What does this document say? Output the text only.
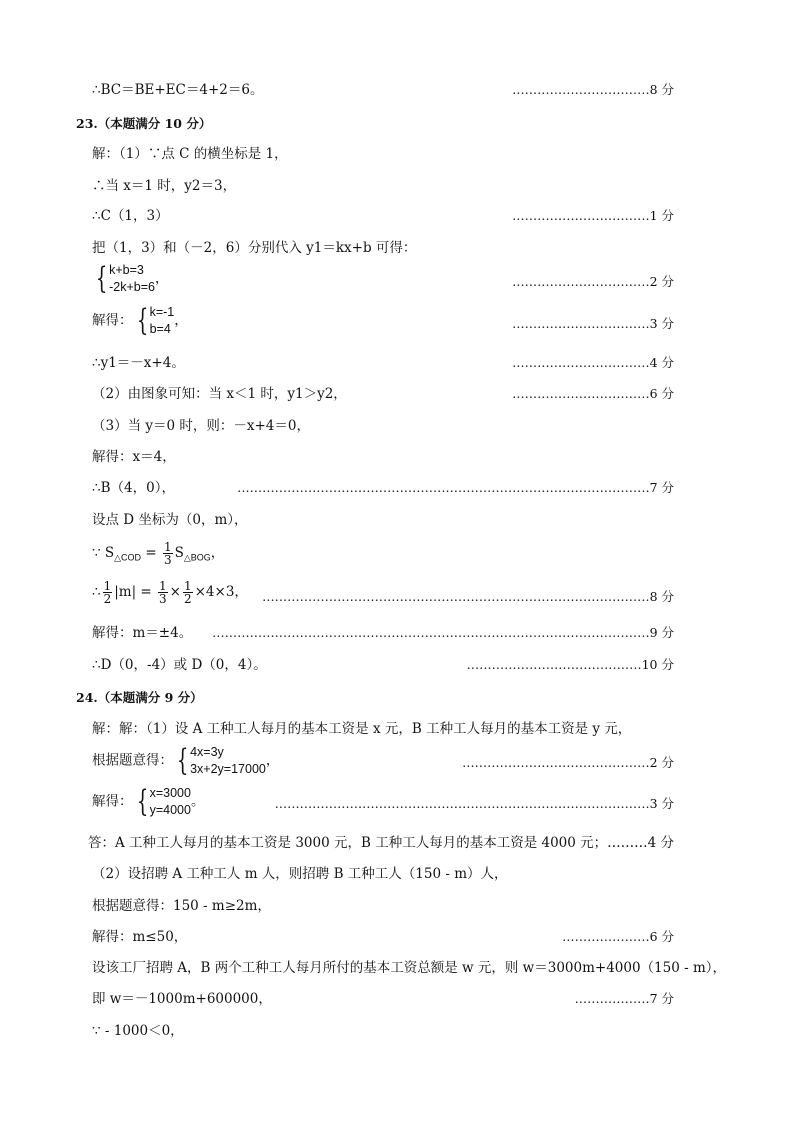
∴BC＝BE+EC＝4+2＝6。	……………………………8 分
23.（本题满分 10 分）
解：（1）∵点 C 的横坐标是 1，
∴当 x＝1 时，y2＝3，
∴C（1，3）	……………………………1 分
把（1，3）和（－2，6）分别代入 y1＝kx+b 可得：
{ k+b=3
-2k+b=6
，	……………………………2 分
解得： { k=-1
b=4
，	……………………………3 分
∴y1＝－x+4。	……………………………4 分
（2）由图象可知：当 x＜1 时，y1＞y2，	……………………………6 分
（3）当 y＝0 时，则：－x+4＝0，
解得：x＝4，
∴B（4，0），	………………………………………………………………………………………7 分
设点 D 坐标为（0，m），
∵ $S_{\triangle COD} = \frac{1}{3} S_{\triangle BOG}$，
∴ $\frac{1}{2} |m| = \frac{1}{3} \times \frac{1}{2} \times 4\times 3$， …………………………………………………………………………………8 分
解得：m＝±4。 ……………………………………………………………………………………………9 分
∴D（0，-4）或 D（0，4）。	……………………………………10 分
24.（本题满分 9 分）
解：解：（1）设 A 工种工人每月的基本工资是 x 元，B 工种工人每月的基本工资是 y 元，
根据题意得： { 4x=3y
3x+2y=17000
，	………………………………………2 分
解得： { x=3000
y=4000
。	………………………………………………………………………………3 分
答：A 工种工人每月的基本工资是 3000 元，B 工种工人每月的基本工资是 4000 元；………4 分
（2）设招聘 A 工种工人 m 人，则招聘 B 工种工人（150 - m）人，
根据题意得：150 - m≥2m，
解得：m≤50，	…………………6 分
设该工厂招聘 A，B 两个工种工人每月所付的基本工资总额是 w 元，则 w＝3000m+4000（150 - m），
即 w＝－1000m+600000，	………………7 分
∵ - 1000＜0，
